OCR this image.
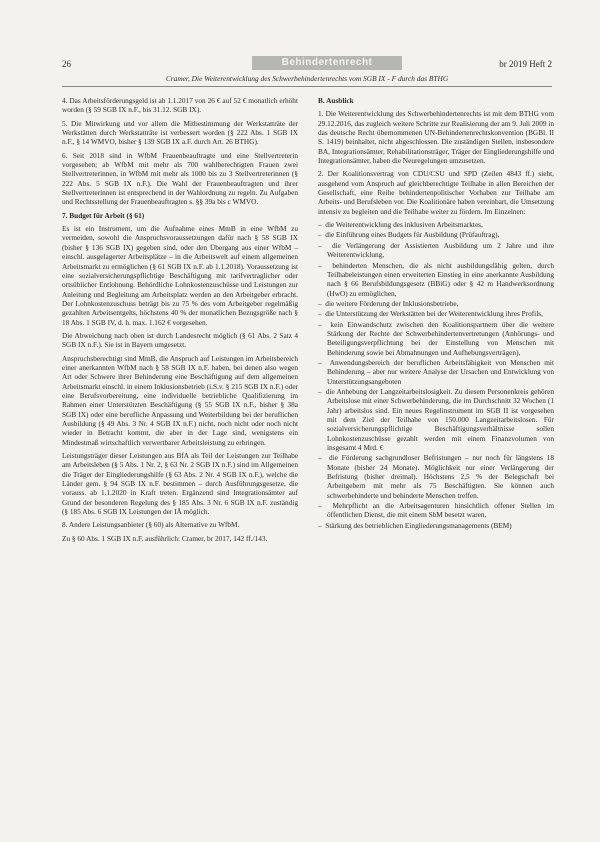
26	Behindertenrecht	br 2019 Heft 2
Cramer, Die Weiterentwicklung des Schwerbehindertenrechts vom SGB IX - F durch das BTHG

4. Das Arbeitsförderungsgeld ist ab 1.1.2017 von 26 € auf 52 € monatlich erhöht worden (§ 59 SGB IX n.F., bis 31.12. SGB IX).

5. Die Mitwirkung und vor allem die Mitbestimmung der Werkstatträte der Werkstätten durch Werkstatträte ist verbessert worden (§ 222 Abs. 1 SGB IX n.F., § 14 WMVO, bisher § 139 SGB IX a.F. durch Art. 26 BTHG).

6. Seit 2018 sind in WfbM Frauenbeauftragte und eine Stellvertreterin vorgesehen; ab WfbM mit mehr als 700 wahlberechtigten Frauen zwei Stellvertreterinnen, in WfbM mit mehr als 1000 bis zu 3 Stellvertreterinnen (§ 222 Abs. 5 SGB IX n.F.). Die Wahl der Frauenbeauftragten und ihrer Stellvertreterinnen ist entsprechend in der Wahlordnung zu regeln. Zu Aufgaben und Rechtsstellung der Frauenbeauftragten s. §§ 39a bis c WMVO.

7. Budget für Arbeit (§ 61)

Es ist ein Instrument, um die Aufnahme eines MmB in eine WfbM zu vermeiden, sowohl die Anspruchsvoraussetzungen dafür nach § 58 SGB IX (bisher § 136 SGB IX) gegeben sind, oder den Übergang aus einer WfbM – einschl. ausgelagerter Arbeitsplätze – in die Arbeitswelt auf einem allgemeinen Arbeitsmarkt zu ermöglichen (§ 61 SGB IX n.F. ab 1.1.2018). Voraussetzung ist eine sozialversicherungspflichtige Beschäftigung mit tarifvertraglicher oder ortsüblicher Entlohnung. Behördliche Lohnkostenzuschüsse und Leistungen zur Anleitung und Begleitung am Arbeitsplatz werden an den Arbeitgeber erbracht. Der Lohnkostenzuschuss beträgt bis zu 75 % des vom Arbeitgeber regelmäßig gezahlten Arbeitsentgelts, höchstens 40 % der monatlichen Bezugsgröße nach § 18 Abs. 1 SGB IV, d. h. max. 1.162 € vorgesehen.

Die Abweichung nach oben ist durch Landesrecht möglich (§ 61 Abs. 2 Satz 4 SGB IX n.F.). Sie ist in Bayern umgesetzt.

Anspruchsberechtigt sind MmB, die Anspruch auf Leistungen im Arbeitsbereich einer anerkannten WfbM nach § 58 SGB IX n.F. haben, bei denen also wegen Art oder Schwere ihrer Behinderung eine Beschäftigung auf dem allgemeinen Arbeitsmarkt einschl. in einem Inklusionsbetrieb (i.S.v. § 215 SGB IX n.F.) oder eine Berufsvorbereitung, eine individuelle betriebliche Qualifizierung im Rahmen einer Unterstützten Beschäftigung (§ 55 SGB IX n.F., bisher § 38a SGB IX) oder eine berufliche Anpassung und Weiterbildung bei der beruflichen Ausbildung (§ 49 Abs. 3 Nr. 4 SGB IX n.F.) nicht, noch nicht oder noch nicht wieder in Betracht kommt, die aber in der Lage sind, wenigstens ein Mindestmaß wirtschaftlich verwertbarer Arbeitsleistung zu erbringen.

Leistungsträger dieser Leistungen aus BfA als Teil der Leistungen zur Teilhabe am Arbeitsleben (§ 5 Abs. 1 Nr. 2, § 63 Nr. 2 SGB IX n.F.) sind im Allgemeinen die Träger der Eingliederungshilfe (§ 63 Abs. 2 Nr. 4 SGB IX n.F.), welche die Länder gem. § 94 SGB IX n.F. bestimmen – durch Ausführungsgesetze, die vorauss. ab 1.1.2020 in Kraft treten. Ergänzend sind Integrationsämter auf Grund der besonderen Regelung des § 185 Abs. 3 Nr. 6 SGB IX n.F. zuständig (§ 185 Abs. 6 SGB IX Leistungen der IÄ möglich.

8. Andere Leistungsanbieter (§ 60) als Alternative zu WfbM.

Zu § 60 Abs. 1 SGB IX n.F. ausführlich: Cramer, br 2017, 142 ff./143.

B. Ausblick

1. Die Weiterentwicklung des Schwerbehindertenrechts ist mit dem BTHG vom 29.12.2016, das zugleich weitere Schritte zur Realisierung der am 9. Juli 2009 in das deutsche Recht übernommenen UN-Behindertenrechtskonvention (BGBl. II S. 1419) beinhaltet, nicht abgeschlossen. Die zuständigen Stellen, insbesondere BA, Integrationsämter, Rehabilitationsträger, Träger der Eingliederungshilfe und Integrationsämter, haben die Neuregelungen umzusetzen.

2. Der Koalitionsvertrag von CDU/CSU und SPD (Zeilen 4843 ff.) sieht, ausgehend vom Anspruch auf gleichberechtigte Teilhabe in allen Bereichen der Gesellschaft, eine Reihe behindertenpolitischer Vorhaben zur Teilhabe am Arbeits- und Berufsleben vor. Die Koalitionäre haben vereinbart, die Umsetzung intensiv zu begleiten und die Teilhabe weiter zu fördern. Im Einzelnen:

–  die Weiterentwicklung des inklusiven Arbeitsmarktes,
–  die Einführung eines Budgets für Ausbildung (Prüfauftrag),
–  die Verlängerung der Assistierten Ausbildung um 2 Jahre und ihre Weiterentwicklung,
–  behinderten Menschen, die als nicht ausbildungsfähig gelten, durch Teilhabeleistungen einen erweiterten Einstieg in eine anerkannte Ausbildung nach § 66 Berufsbildungsgesetz (BBiG) oder § 42 m Handwerksordnung (HwO) zu ermöglichen,
–  die weitere Förderung der Inklusionsbetriebe,
–  die Unterstützung der Werkstätten bei der Weiterentwicklung ihres Profils,
–  kein Einwandschutz zwischen den Koalitionspartnern über die weitere Stärkung der Rechte der Schwerbehindertenvertretungen (Anhörungs- und Beteiligungsverpflichtung bei der Einstellung von Menschen mit Behinderung sowie bei Abmahnungen und Aufhebungsverträgen),
–  Anwendungsbereich der beruflichen Arbeitsfähigkeit von Menschen mit Behinderung – aber nur weitere Analyse der Ursachen und Entwicklung von Unterstützungsangeboten
–  die Anhebung der Langzeitarbeitslosigkeit. Zu diesem Personenkreis gehören Arbeitslose mit einer Schwerbehinderung, die im Durchschnitt 32 Wochen (1 Jahr) arbeitslos sind. Ein neues Regelinstrument im SGB II ist vorgesehen mit dem Ziel der Teilhabe von 150.000 Langzeitarbeitslosen. Für sozialversicherungspflichtige Beschäftigungsverhältnisse sollen Lohnkostenzuschüsse gezahlt werden mit einem Finanzvolumen von insgesamt 4 Mrd. €
–  die Förderung sachgrundloser Befristungen – nur noch für längstens 18 Monate (bisher 24 Monate). Möglichkeit nur einer Verlängerung der Befristung (bisher dreimal). Höchstens 2,5 % der Belegschaft bei Arbeitgebern mit mehr als 75 Beschäftigten. Sie können auch schwerbehinderte und behinderte Menschen treffen.
–  Mehrpflicht an die Arbeitsagenturen hinsichtlich offener Stellen im öffentlichen Dienst, die mit einem SbM besetzt waren,
–  Stärkung des betrieblichen Eingliederungsmanagements (BEM)
